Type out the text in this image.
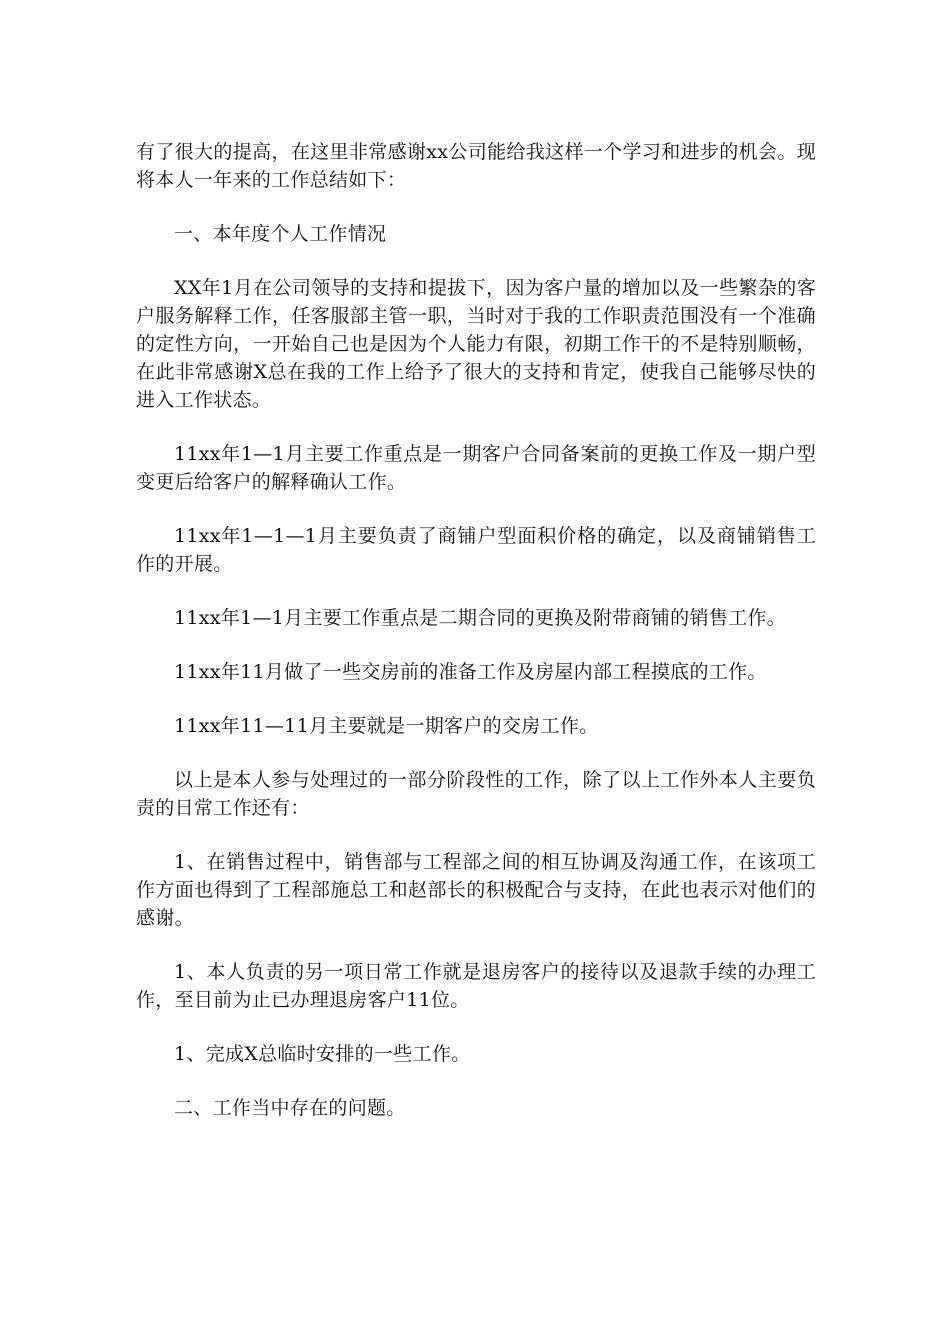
有了很大的提高，在这里非常感谢xx公司能给我这样一个学习和进步的机会。现将本人一年来的工作总结如下：

一、本年度个人工作情况

XX年1月在公司领导的支持和提拔下，因为客户量的增加以及一些繁杂的客户服务解释工作，任客服部主管一职，当时对于我的工作职责范围没有一个准确的定性方向，一开始自己也是因为个人能力有限，初期工作干的不是特别顺畅，在此非常感谢X总在我的工作上给予了很大的支持和肯定，使我自己能够尽快的进入工作状态。

11xx年1—1月主要工作重点是一期客户合同备案前的更换工作及一期户型变更后给客户的解释确认工作。

11xx年1—1—1月主要负责了商铺户型面积价格的确定，以及商铺销售工作的开展。

11xx年1—1月主要工作重点是二期合同的更换及附带商铺的销售工作。

11xx年11月做了一些交房前的准备工作及房屋内部工程摸底的工作。

11xx年11—11月主要就是一期客户的交房工作。

以上是本人参与处理过的一部分阶段性的工作，除了以上工作外本人主要负责的日常工作还有：

1、在销售过程中，销售部与工程部之间的相互协调及沟通工作，在该项工作方面也得到了工程部施总工和赵部长的积极配合与支持，在此也表示对他们的感谢。

1、本人负责的另一项日常工作就是退房客户的接待以及退款手续的办理工作，至目前为止已办理退房客户11位。

1、完成X总临时安排的一些工作。

二、工作当中存在的问题。
